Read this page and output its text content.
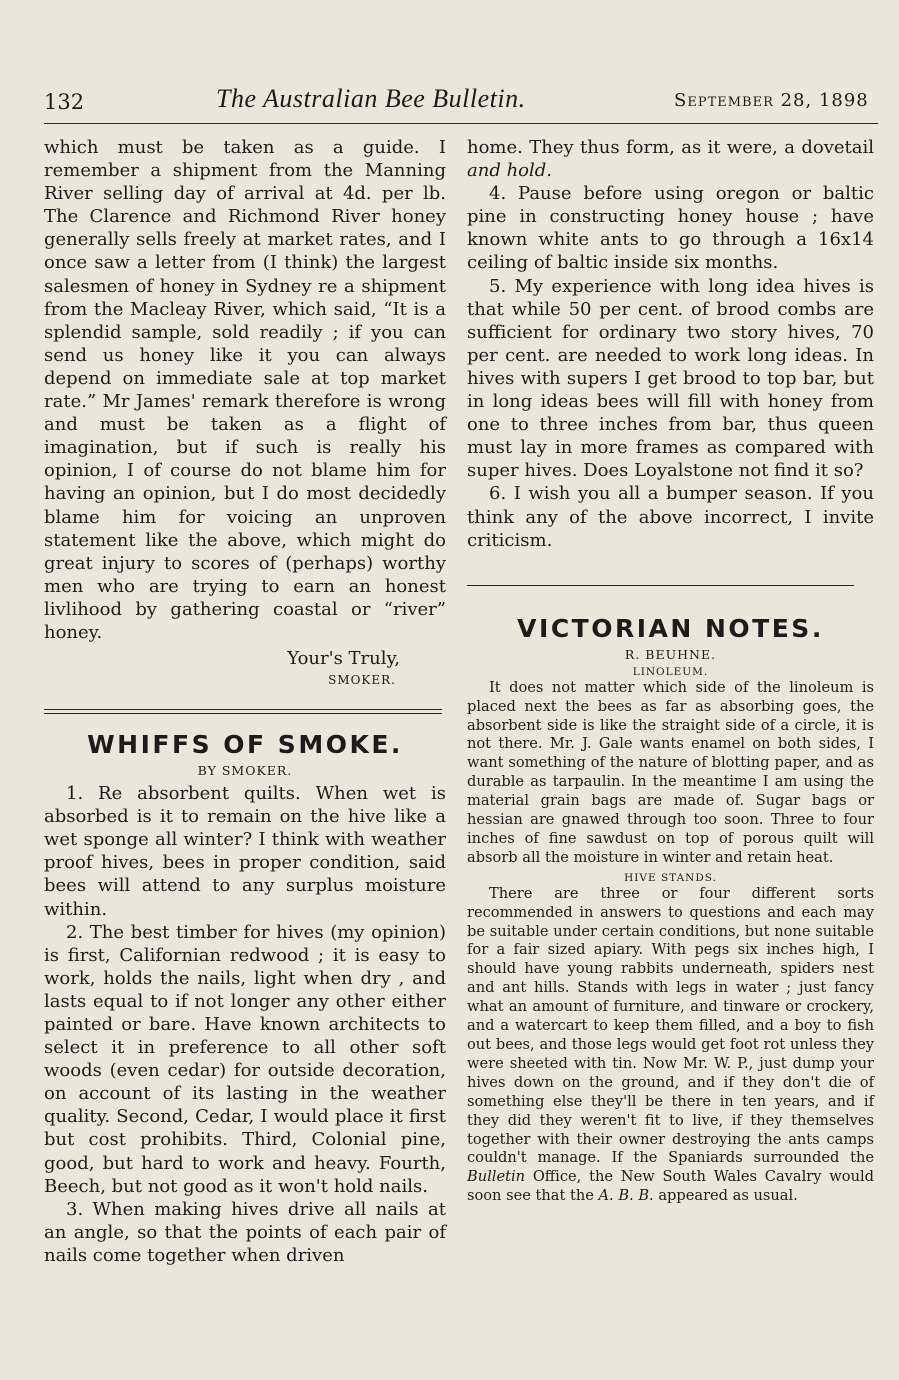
132	The Australian Bee Bulletin.	September 28, 1898

which must be taken as a guide. I remember a shipment from the Manning River selling day of arrival at 4d. per lb. The Clarence and Richmond River honey generally sells freely at market rates, and I once saw a letter from (I think) the largest salesmen of honey in Sydney re a shipment from the Macleay River, which said, “It is a splendid sample, sold readily ; if you can send us honey like it you can always depend on immediate sale at top market rate.” Mr James' remark therefore is wrong and must be taken as a flight of imagination, but if such is really his opinion, I of course do not blame him for having an opinion, but I do most decidedly blame him for voicing an unproven statement like the above, which might do great injury to scores of (perhaps) worthy men who are trying to earn an honest livlihood by gathering coastal or “river” honey.

Your's Truly,

SMOKER.

WHIFFS OF SMOKE.

BY SMOKER.

1. Re absorbent quilts. When wet is absorbed is it to remain on the hive like a wet sponge all winter? I think with weather proof hives, bees in proper condition, said bees will attend to any surplus moisture within.

2. The best timber for hives (my opinion) is first, Californian redwood ; it is easy to work, holds the nails, light when dry , and lasts equal to if not longer any other either painted or bare. Have known architects to select it in preference to all other soft woods (even cedar) for outside decoration, on account of its lasting in the weather quality. Second, Cedar, I would place it first but cost prohibits. Third, Colonial pine, good, but hard to work and heavy. Fourth, Beech, but not good as it won't hold nails.

3. When making hives drive all nails at an angle, so that the points of each pair of nails come together when driven

home. They thus form, as it were, a dovetail and hold.

4. Pause before using oregon or baltic pine in constructing honey house ; have known white ants to go through a 16x14 ceiling of baltic inside six months.

5. My experience with long idea hives is that while 50 per cent. of brood combs are sufficient for ordinary two story hives, 70 per cent. are needed to work long ideas. In hives with supers I get brood to top bar, but in long ideas bees will fill with honey from one to three inches from bar, thus queen must lay in more frames as compared with super hives. Does Loyalstone not find it so?

6. I wish you all a bumper season. If you think any of the above incorrect, I invite criticism.

VICTORIAN NOTES.

R. BEUHNE.

LINOLEUM.

It does not matter which side of the linoleum is placed next the bees as far as absorbing goes, the absorbent side is like the straight side of a circle, it is not there. Mr. J. Gale wants enamel on both sides, I want something of the nature of blotting paper, and as durable as tarpaulin. In the meantime I am using the material grain bags are made of. Sugar bags or hessian are gnawed through too soon. Three to four inches of fine sawdust on top of porous quilt will absorb all the moisture in winter and retain heat.

HIVE STANDS.

There are three or four different sorts recommended in answers to questions and each may be suitable under certain conditions, but none suitable for a fair sized apiary. With pegs six inches high, I should have young rabbits underneath, spiders nest and ant hills. Stands with legs in water ; just fancy what an amount of furniture, and tinware or crockery, and a watercart to keep them filled, and a boy to fish out bees, and those legs would get foot rot unless they were sheeted with tin. Now Mr. W. P., just dump your hives down on the ground, and if they don't die of something else they'll be there in ten years, and if they did they weren't fit to live, if they themselves together with their owner destroying the ants camps couldn't manage. If the Spaniards surrounded the Bulletin Office, the New South Wales Cavalry would soon see that the A. B. B. appeared as usual.
